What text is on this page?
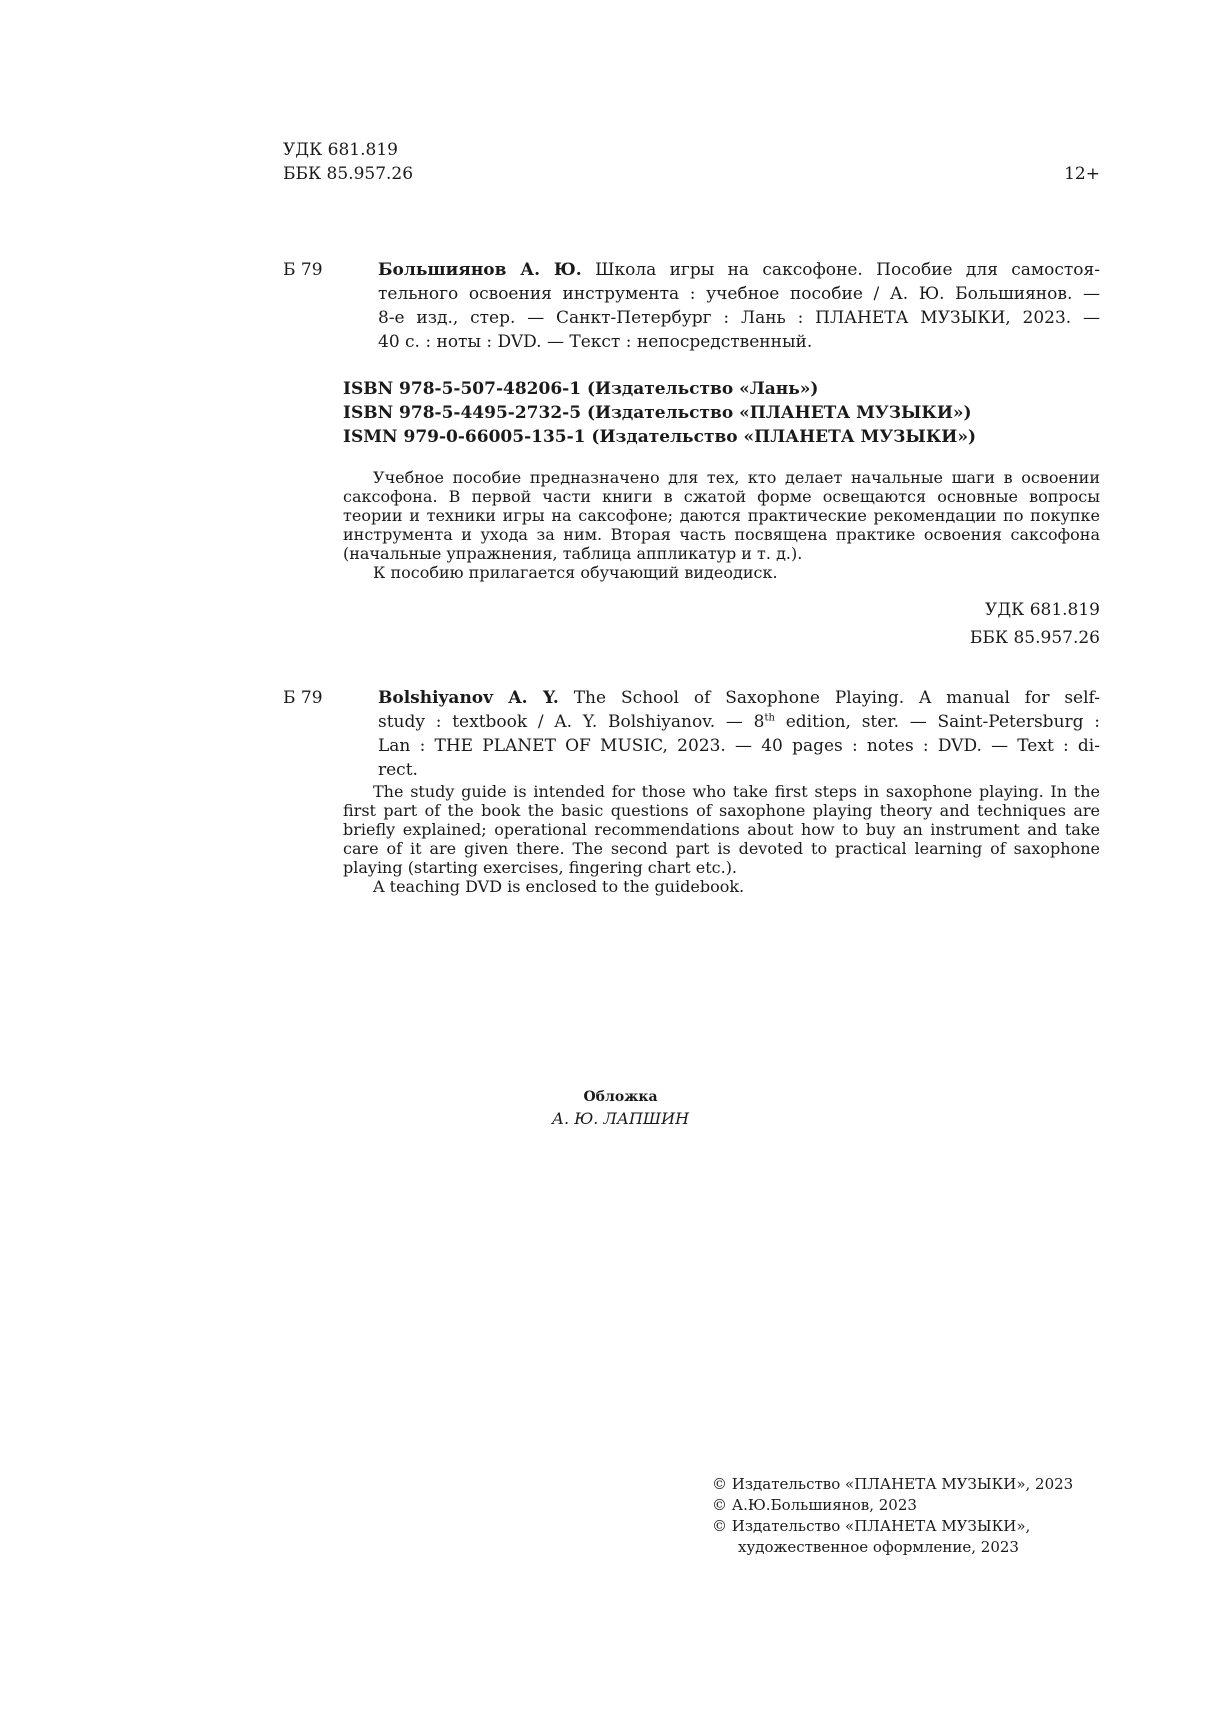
УДК 681.819
ББК 85.957.26	12+
Б 79	Большиянов А. Ю. Школа игры на саксофоне. Пособие для самостоя-
тельного освоения инструмента : учебное пособие / А. Ю. Большиянов. —
8-е изд., стер. — Санкт-Петербург : Лань : ПЛАНЕТА МУЗЫКИ, 2023. —
40 с. : ноты : DVD. — Текст : непосредственный.
ISBN 978-5-507-48206-1 (Издательство «Лань»)
ISBN 978-5-4495-2732-5 (Издательство «ПЛАНЕТА МУЗЫКИ»)
ISMN 979-0-66005-135-1 (Издательство «ПЛАНЕТА МУЗЫКИ»)

Учебное пособие предназначено для тех, кто делает начальные шаги в освоении саксофона. В первой части книги в сжатой форме освещаются основные вопросы теории и техники игры на саксофоне; даются практические рекомендации по покупке инструмента и ухода за ним. Вторая часть посвящена практике освоения саксофона (начальные упражнения, таблица аппликатур и т. д.).

К пособию прилагается обучающий видеодиск.

УДК 681.819
ББК 85.957.26
Б 79	Bolshiyanov A. Y. The School of Saxophone Playing. A manual for self-
study : textbook / A. Y. Bolshiyanov. — 8th edition, ster. — Saint-Petersburg :
Lan : THE PLANET OF MUSIC, 2023. — 40 pages : notes : DVD. — Text : di-
rect.

The study guide is intended for those who take first steps in saxophone playing. In the first part of the book the basic questions of saxophone playing theory and techniques are briefly explained; operational recommendations about how to buy an instrument and take care of it are given there. The second part is devoted to practical learning of saxophone playing (starting exercises, fingering chart etc.).

A teaching DVD is enclosed to the guidebook.

Обложка
А. Ю. ЛАПШИН
© Издательство «ПЛАНЕТА МУЗЫКИ», 2023
© А.Ю.Большиянов, 2023
© Издательство «ПЛАНЕТА МУЗЫКИ»,
художественное оформление, 2023
